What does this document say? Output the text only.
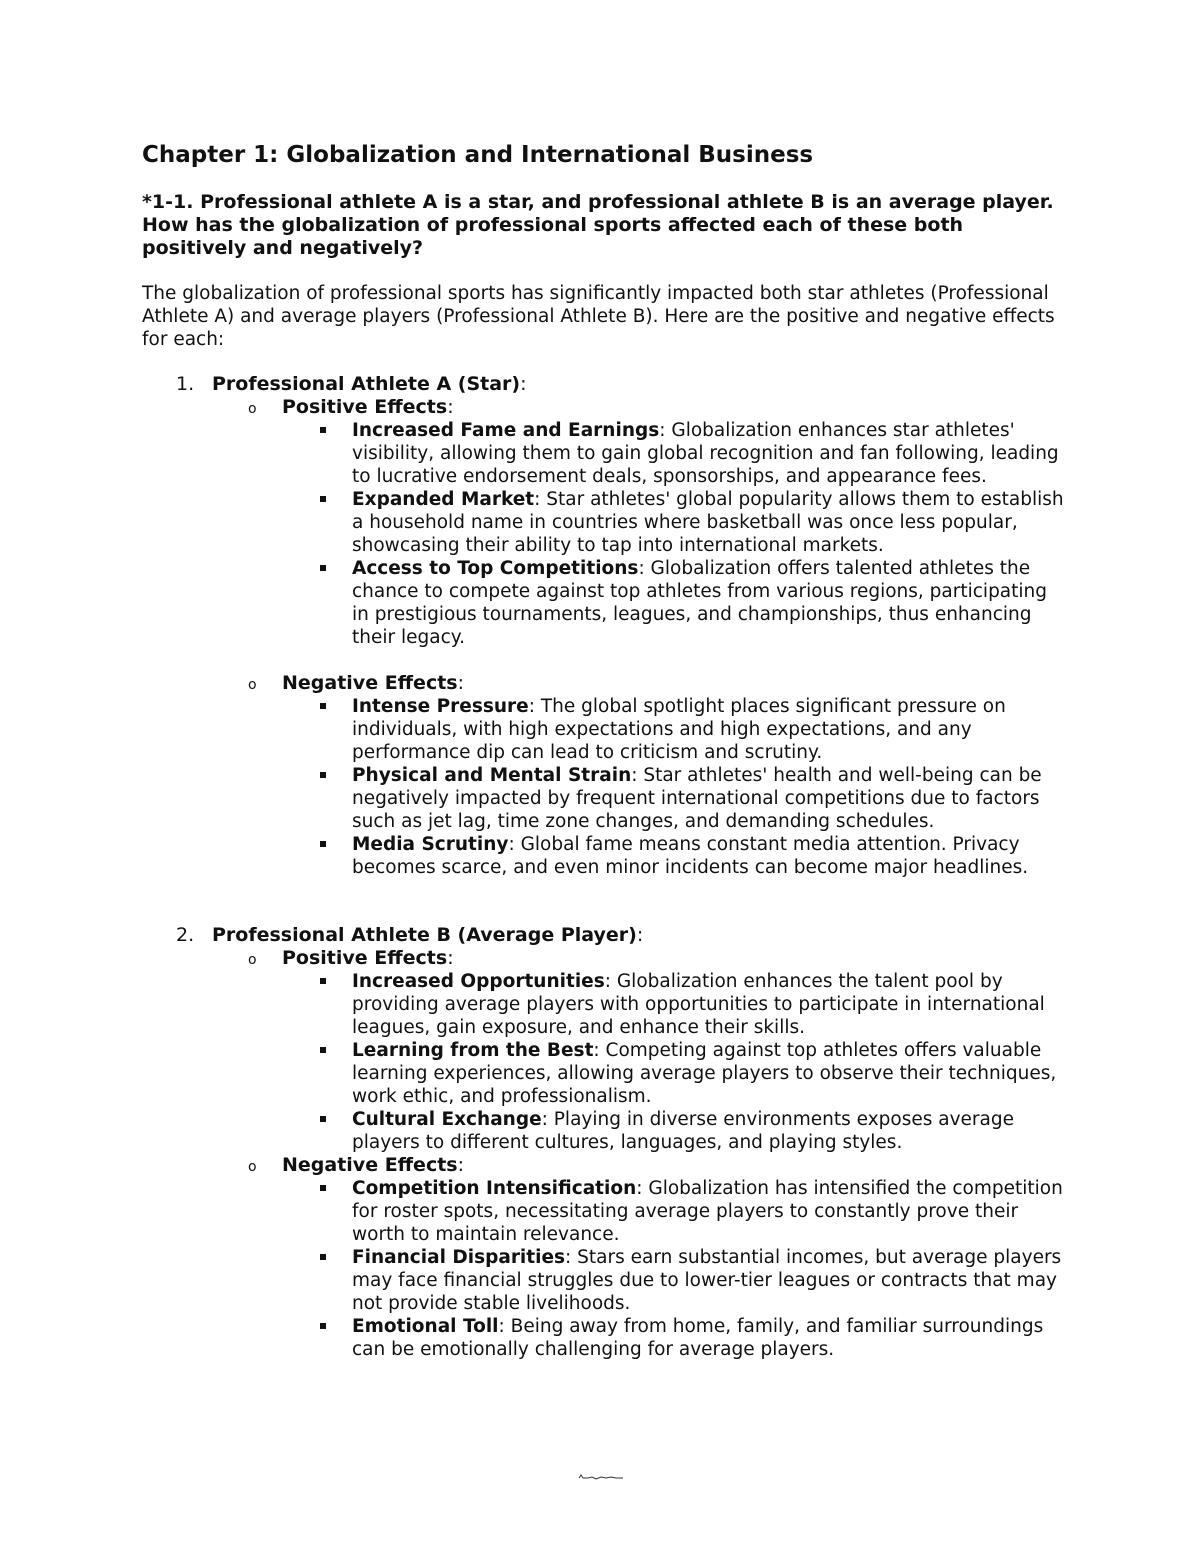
Chapter 1: Globalization and International Business

*1-1. Professional athlete A is a star, and professional athlete B is an average player. How has the globalization of professional sports affected each of these both positively and negatively?

The globalization of professional sports has significantly impacted both star athletes (Professional Athlete A) and average players (Professional Athlete B). Here are the positive and negative effects for each:

1. Professional Athlete A (Star):
o Positive Effects:
Increased Fame and Earnings: Globalization enhances star athletes' visibility, allowing them to gain global recognition and fan following, leading to lucrative endorsement deals, sponsorships, and appearance fees.
Expanded Market: Star athletes' global popularity allows them to establish a household name in countries where basketball was once less popular, showcasing their ability to tap into international markets.
Access to Top Competitions: Globalization offers talented athletes the chance to compete against top athletes from various regions, participating in prestigious tournaments, leagues, and championships, thus enhancing their legacy.
o Negative Effects:
Intense Pressure: The global spotlight places significant pressure on individuals, with high expectations and high expectations, and any performance dip can lead to criticism and scrutiny.
Physical and Mental Strain: Star athletes' health and well-being can be negatively impacted by frequent international competitions due to factors such as jet lag, time zone changes, and demanding schedules.
Media Scrutiny: Global fame means constant media attention. Privacy becomes scarce, and even minor incidents can become major headlines.
2. Professional Athlete B (Average Player):
o Positive Effects:
Increased Opportunities: Globalization enhances the talent pool by providing average players with opportunities to participate in international leagues, gain exposure, and enhance their skills.
Learning from the Best: Competing against top athletes offers valuable learning experiences, allowing average players to observe their techniques, work ethic, and professionalism.
Cultural Exchange: Playing in diverse environments exposes average players to different cultures, languages, and playing styles.
o Negative Effects:
Competition Intensification: Globalization has intensified the competition for roster spots, necessitating average players to constantly prove their worth to maintain relevance.
Financial Disparities: Stars earn substantial incomes, but average players may face financial struggles due to lower-tier leagues or contracts that may not provide stable livelihoods.
Emotional Toll: Being away from home, family, and familiar surroundings can be emotionally challenging for average players.
